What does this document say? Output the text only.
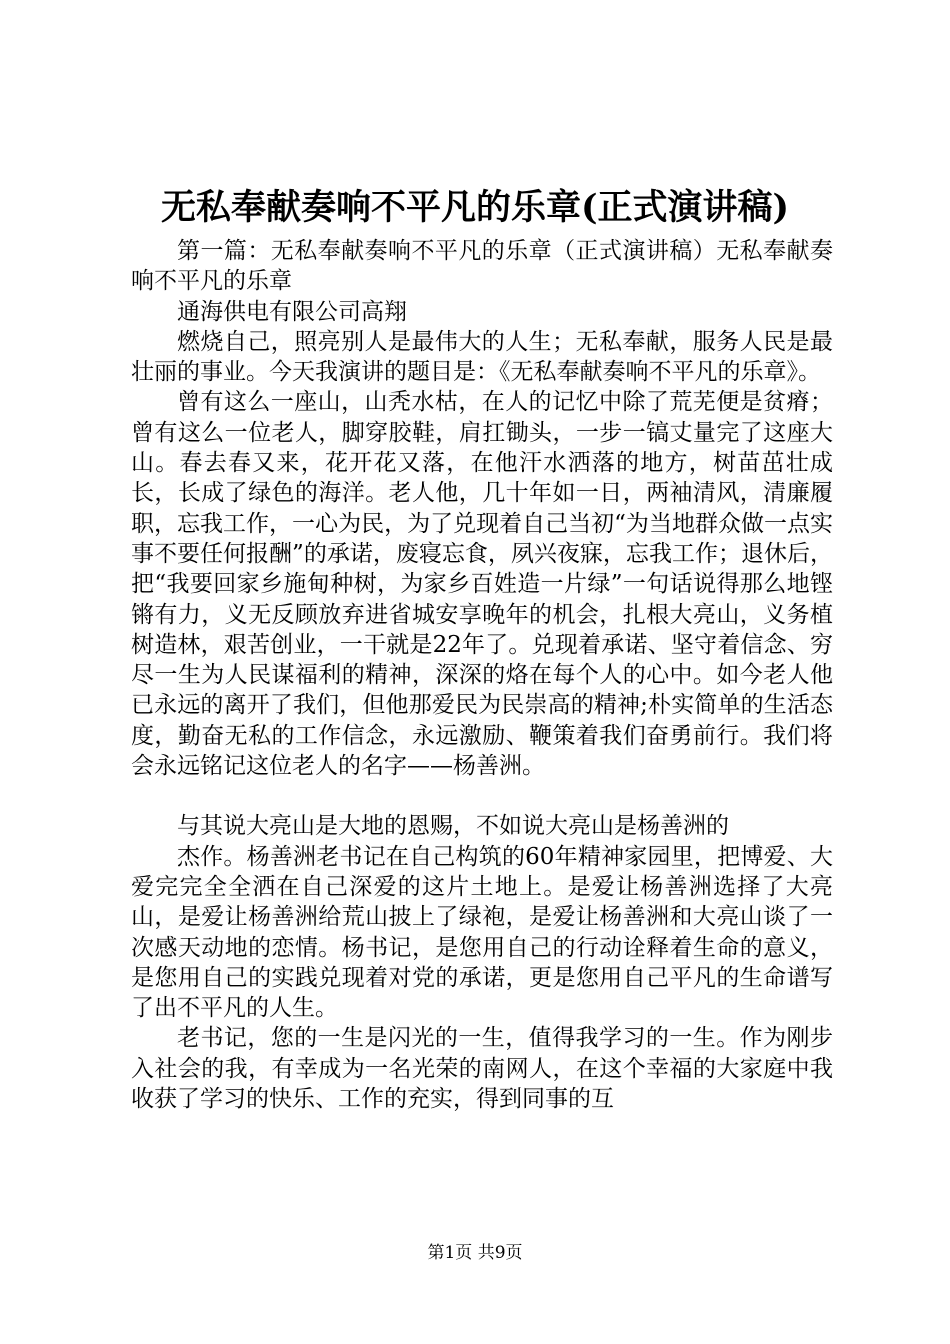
无私奉献奏响不平凡的乐章(正式演讲稿)

第一篇：无私奉献奏响不平凡的乐章（正式演讲稿）无私奉献奏响不平凡的乐章

通海供电有限公司高翔

燃烧自己，照亮别人是最伟大的人生；无私奉献，服务人民是最壮丽的事业。今天我演讲的题目是：《无私奉献奏响不平凡的乐章》。

曾有这么一座山，山秃水枯，在人的记忆中除了荒芜便是贫瘠；曾有这么一位老人，脚穿胶鞋，肩扛锄头，一步一镐丈量完了这座大山。春去春又来，花开花又落，在他汗水洒落的地方，树苗茁壮成长，长成了绿色的海洋。老人他，几十年如一日，两袖清风，清廉履职，忘我工作，一心为民，为了兑现着自己当初“为当地群众做一点实事不要任何报酬”的承诺，废寝忘食，夙兴夜寐，忘我工作；退休后，把“我要回家乡施甸种树，为家乡百姓造一片绿”一句话说得那么地铿锵有力，义无反顾放弃进省城安享晚年的机会，扎根大亮山，义务植树造林，艰苦创业，一干就是22年了。兑现着承诺、坚守着信念、穷尽一生为人民谋福利的精神，深深的烙在每个人的心中。如今老人他已永远的离开了我们，但他那爱民为民崇高的精神;朴实简单的生活态度，勤奋无私的工作信念，永远激励、鞭策着我们奋勇前行。我们将会永远铭记这位老人的名字——杨善洲。

与其说大亮山是大地的恩赐，不如说大亮山是杨善洲的

杰作。杨善洲老书记在自己构筑的60年精神家园里，把博爱、大爱完完全全洒在自己深爱的这片土地上。是爱让杨善洲选择了大亮山，是爱让杨善洲给荒山披上了绿袍，是爱让杨善洲和大亮山谈了一次感天动地的恋情。杨书记，是您用自己的行动诠释着生命的意义，是您用自己的实践兑现着对党的承诺，更是您用自己平凡的生命谱写了出不平凡的人生。

老书记，您的一生是闪光的一生，值得我学习的一生。作为刚步入社会的我，有幸成为一名光荣的南网人，在这个幸福的大家庭中我收获了学习的快乐、工作的充实，得到同事的互

第1页 共9页
